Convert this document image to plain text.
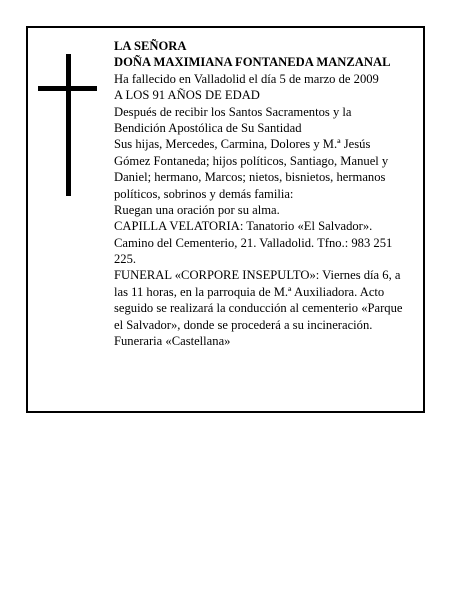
LA SEÑORA
DOÑA MAXIMIANA FONTANEDA MANZANAL
Ha fallecido en Valladolid el día 5 de marzo de 2009
A LOS 91 AÑOS DE EDAD
Después de recibir los Santos Sacramentos y la
Bendición Apostólica de Su Santidad
Sus hijas, Mercedes, Carmina, Dolores y M.ª Jesús
Gómez Fontaneda; hijos políticos, Santiago, Manuel y
Daniel; hermano, Marcos; nietos, bisnietos, hermanos
políticos, sobrinos y demás familia:
Ruegan una oración por su alma.
CAPILLA VELATORIA: Tanatorio «El Salvador».
Camino del Cementerio, 21. Valladolid. Tfno.: 983 251
225.
FUNERAL «CORPORE INSEPULTO»: Viernes día 6, a
las 11 horas, en la parroquia de M.ª Auxiliadora. Acto
seguido se realizará la conducción al cementerio «Parque
el Salvador», donde se procederá a su incineración.
Funeraria «Castellana»
